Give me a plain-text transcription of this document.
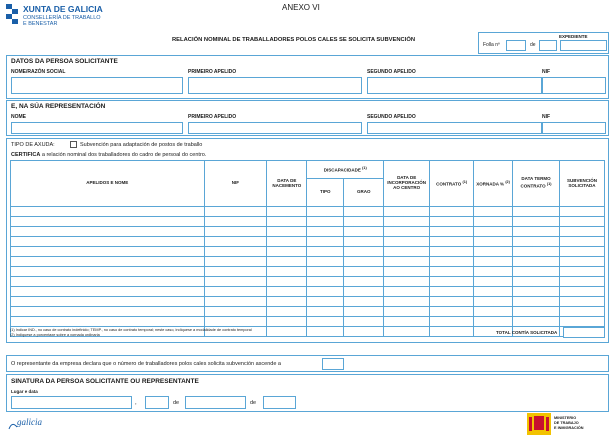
XUNTA DE GALICIA
CONSELLERÍA DE TRABALLO
E BENESTAR
ANEXO VI
RELACIÓN NOMINAL DE TRABALLADORES POLOS CALES SE SOLICITA SUBVENCIÓN
EXPEDIENTE
Folla nº	de
DATOS DA PERSOA SOLICITANTE
NOME/RAZÓN SOCIAL	PRIMEIRO APELIDO	SEGUNDO APELIDO	NIF
E, NA SÚA REPRESENTACIÓN
NOME	PRIMEIRO APELIDO	SEGUNDO APELIDO	NIF
TIPO DE AXUDA:	Subvención para adaptación de postos de traballo
CERTIFICA a relación nominal dos traballadores do cadro de persoal do centro.
APELIDOS E NOME	NIF	DATA DE NACEMENTO	DISCAPACIDADE $^{(1)}$		DATA DE INCORPORACIÓN AO CENTRO	CONTRATO $^{(1)}$	XORNADA % $^{(2)}$	DATA TERMO CONTRATO $^{(1)}$	SUBVENCIÓN SOLICITADA
			TIPO	GRAO					

TOTAL CONTÍA SOLICITADA
(1) Indicar IND., no caso de contrato indefinido; TEMP., no caso de contrato temporal; neste caso, indíquese a modalidade de contrato temporal
(2) Indíquese a porcentaxe sobre a xornada ordinaria
O representante da empresa declara que o número de traballadores polos cales solicita subvención ascende a
SINATURA DA PERSOA SOLICITANTE OU REPRESENTANTE
Lugar e data
,	de	de
galicia	MINISTERIO
DE TRABAJO
E INMIGRACIÓN
